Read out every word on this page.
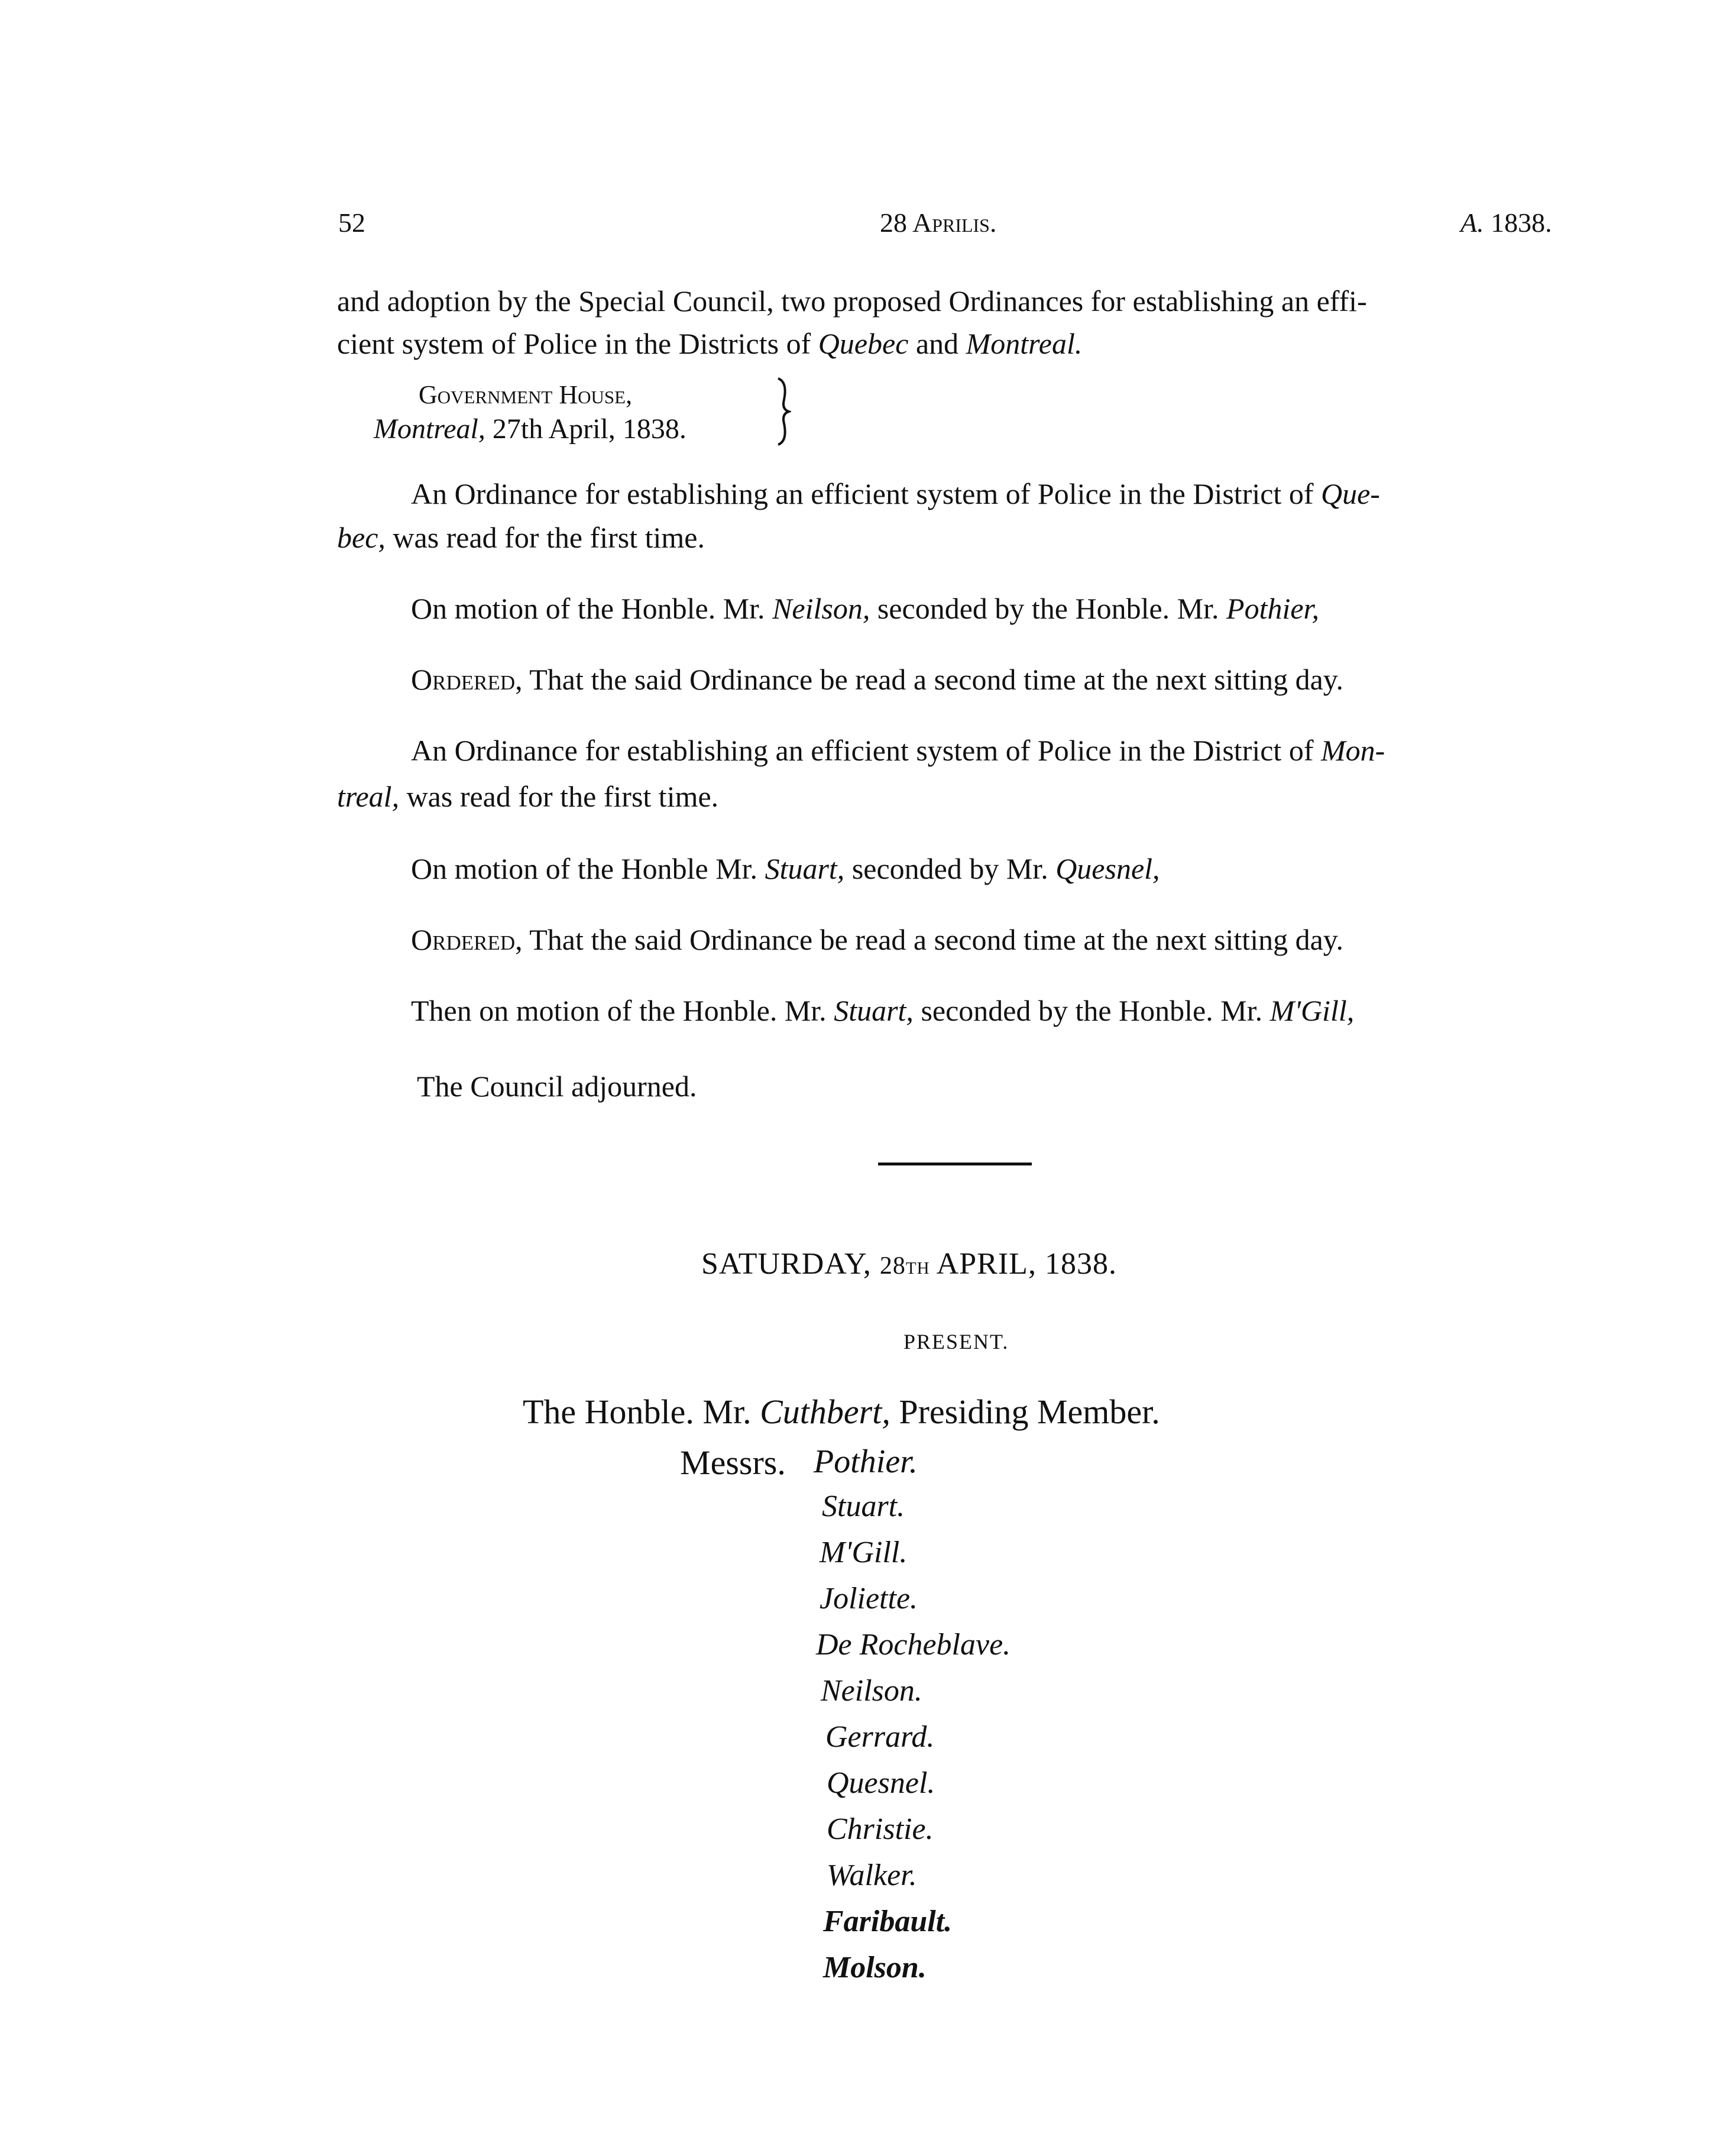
52	28 Aprilis.	A. 1838.
and adoption by the Special Council, two proposed Ordinances for establishing an effi-
cient system of Police in the Districts of Quebec and Montreal.
Government House,
Montreal, 27th April, 1838.
An Ordinance for establishing an efficient system of Police in the District of Que-
bec, was read for the first time.
On motion of the Honble. Mr. Neilson, seconded by the Honble. Mr. Pothier,
Ordered, That the said Ordinance be read a second time at the next sitting day.
An Ordinance for establishing an efficient system of Police in the District of Mon-
treal, was read for the first time.
On motion of the Honble Mr. Stuart, seconded by Mr. Quesnel,
Ordered, That the said Ordinance be read a second time at the next sitting day.
Then on motion of the Honble. Mr. Stuart, seconded by the Honble. Mr. M'Gill,
The Council adjourned.
SATURDAY, 28th APRIL, 1838.
PRESENT.
The Honble. Mr. Cuthbert, Presiding Member.
Messrs. Pothier.
Stuart.
M'Gill.
Joliette.
De Rocheblave.
Neilson.
Gerrard.
Quesnel.
Christie.
Walker.
Faribault.
Molson.
